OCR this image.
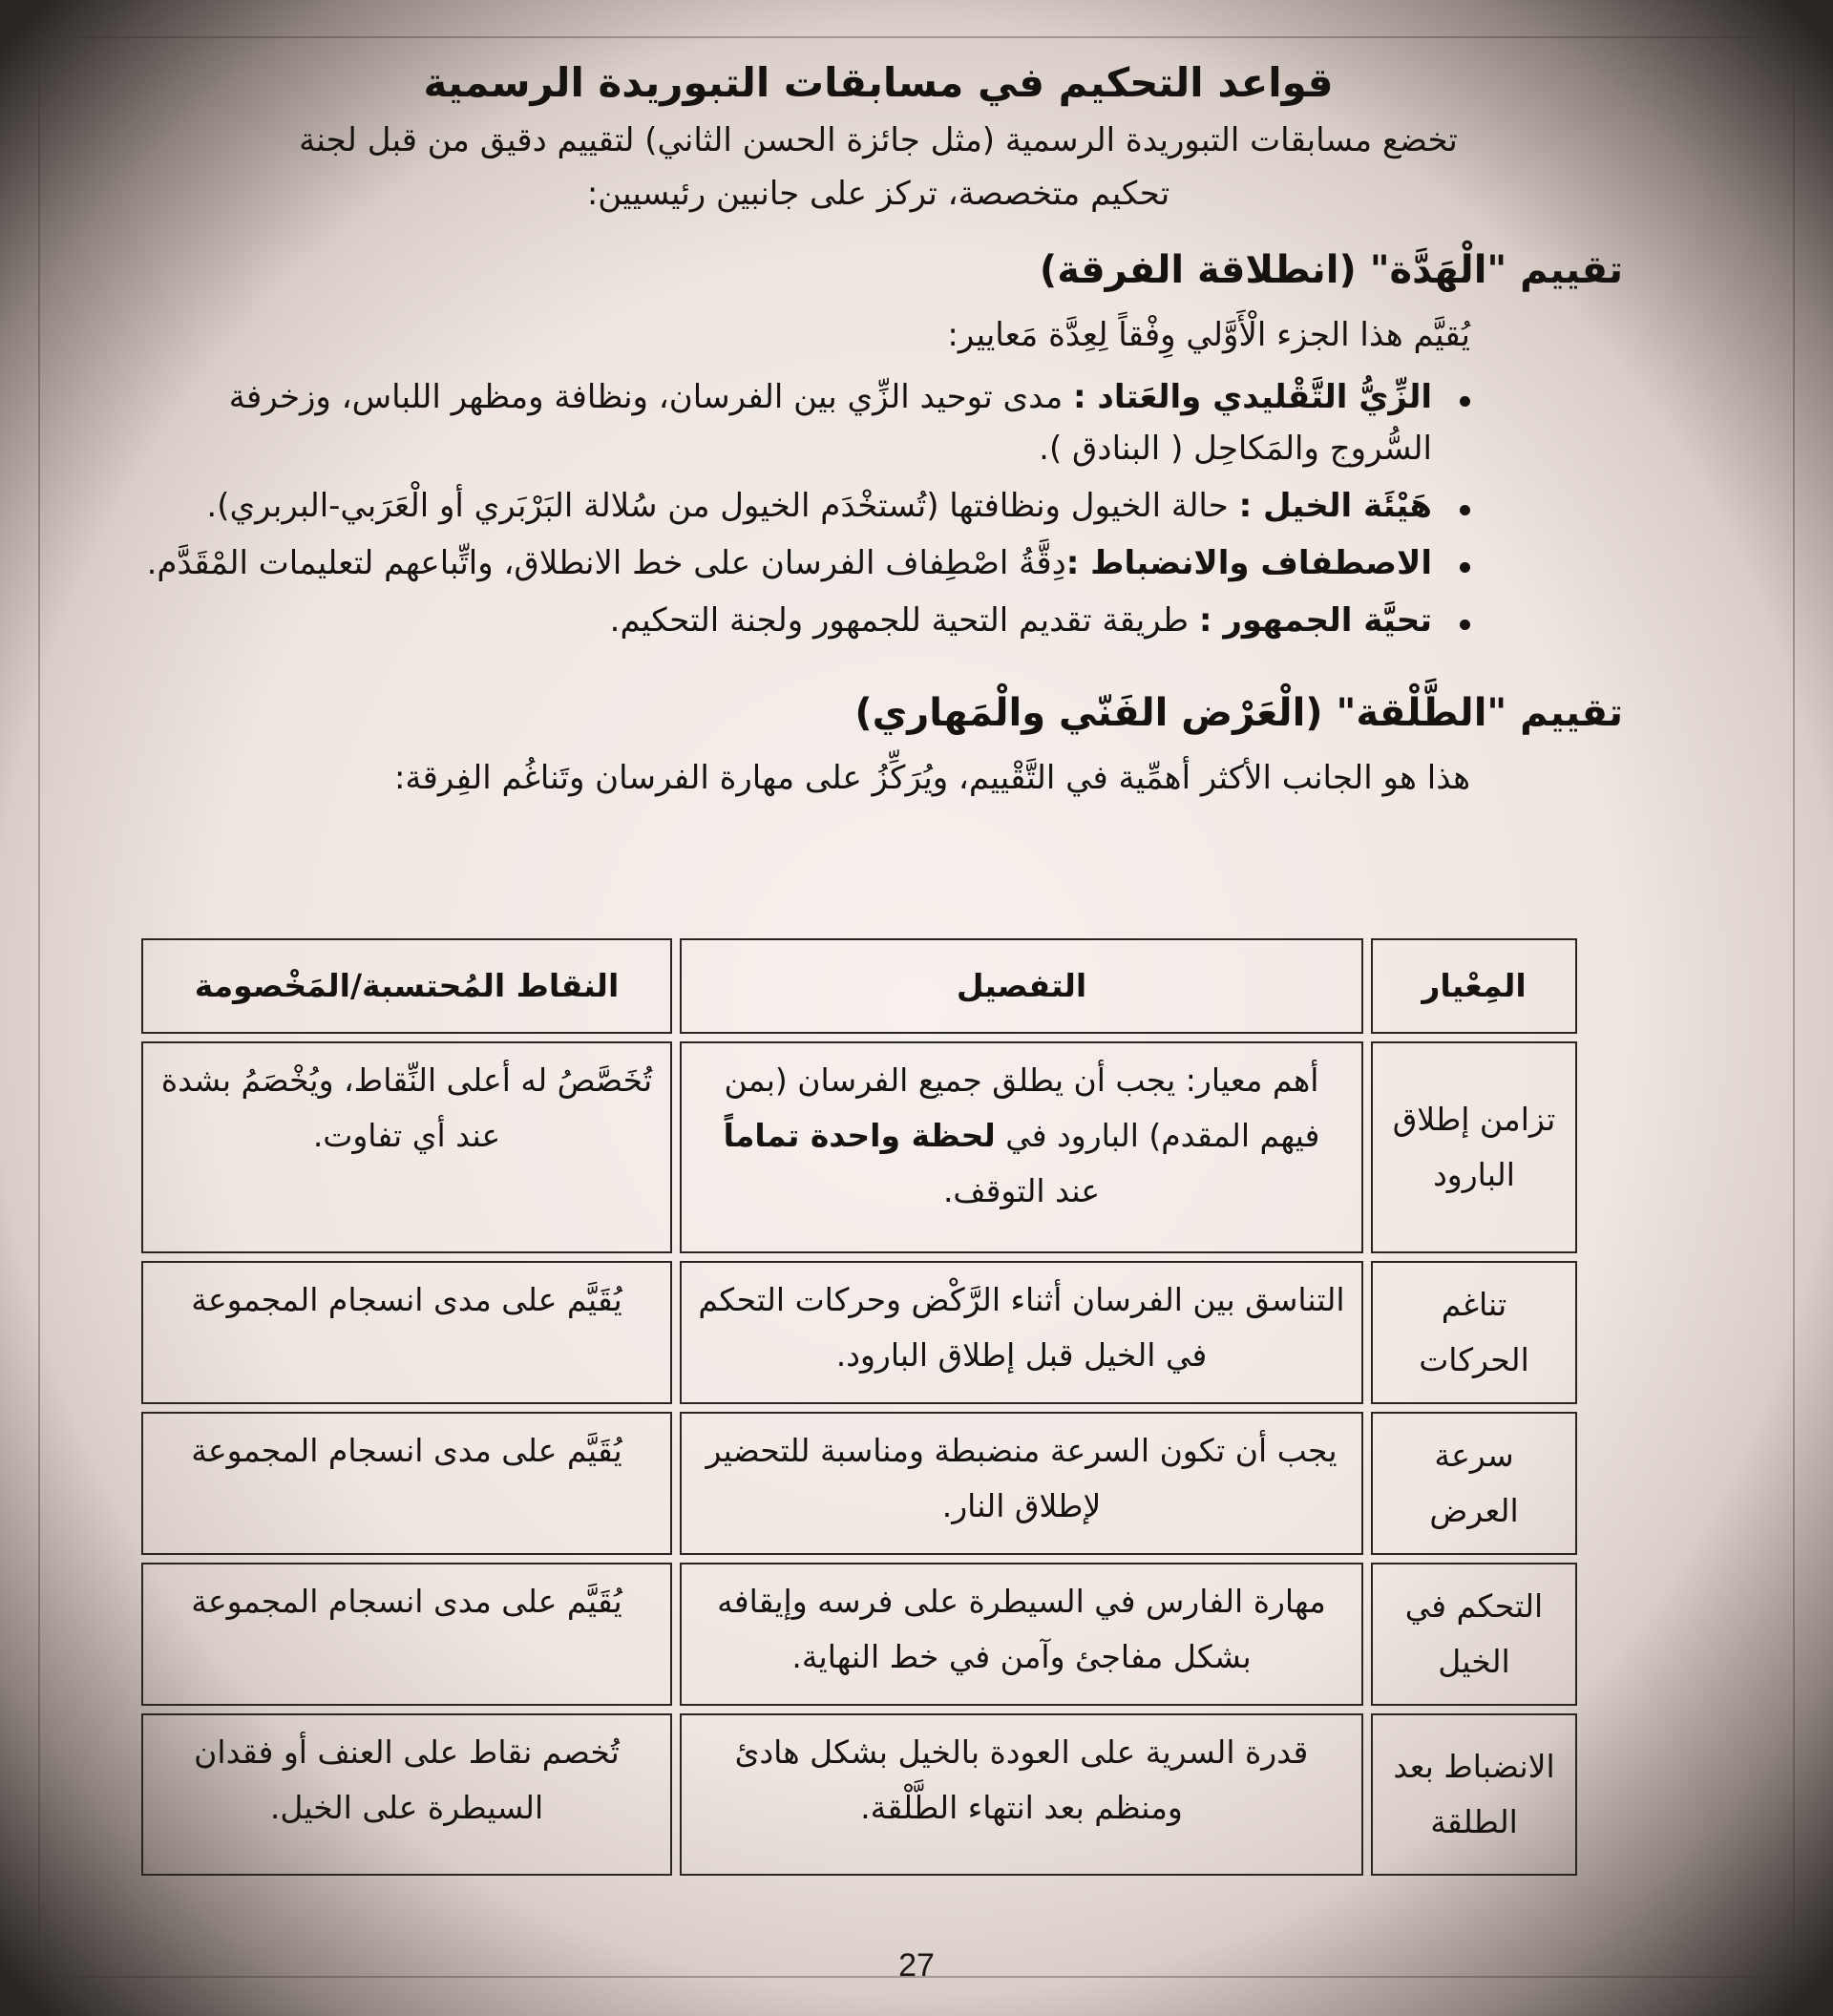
قواعد التحكيم في مسابقات التبوريدة الرسمية

تخضع مسابقات التبوريدة الرسمية (مثل جائزة الحسن الثاني) لتقييم دقيق من قبل لجنة تحكيم متخصصة، تركز على جانبين رئيسيين:

تقييم "الْهَدَّة" (انطلاقة الفرقة)

يُقيَّم هذا الجزء الْأَوَّلي وِفْقاً لِعِدَّة مَعايير:

الزِّيُّ التَّقْليدي والعَتاد : مدى توحيد الزِّي بين الفرسان، ونظافة ومظهر اللباس، وزخرفة السُّروج والمَكاحِل ( البنادق ).
هَيْئَة الخيل : حالة الخيول ونظافتها (تُستخْدَم الخيول من سُلالة البَرْبَري أو الْعَرَبي-البربري).
الاصطفاف والانضباط :دِقَّةُ اصْطِفاف الفرسان على خط الانطلاق، واتِّباعهم لتعليمات المْقَدَّم.
تحيَّة الجمهور : طريقة تقديم التحية للجمهور ولجنة التحكيم.
تقييم "الطَّلْقة" (الْعَرْض الفَنّي والْمَهاري)

هذا هو الجانب الأكثر أهمِّية في التَّقْييم، ويُرَكِّزُ على مهارة الفرسان وتَناغُم الفِرقة:

المِعْيار	التفصيل	النقاط المُحتسبة/المَخْصومة
تزامن إطلاق البارود	أهم معيار: يجب أن يطلق جميع الفرسان (بمن فيهم المقدم) البارود في لحظة واحدة تماماً عند التوقف.	تُخَصَّصُ له أعلى النِّقاط، ويُخْصَمُ بشدة عند أي تفاوت.
تناغم الحركات	التناسق بين الفرسان أثناء الرَّكْض وحركات التحكم في الخيل قبل إطلاق البارود.	يُقَيَّم على مدى انسجام المجموعة
سرعة العرض	يجب أن تكون السرعة منضبطة ومناسبة للتحضير لإطلاق النار.	يُقَيَّم على مدى انسجام المجموعة
التحكم في الخيل	مهارة الفارس في السيطرة على فرسه وإيقافه بشكل مفاجئ وآمن في خط النهاية.	يُقَيَّم على مدى انسجام المجموعة
الانضباط بعد الطلقة	قدرة السرية على العودة بالخيل بشكل هادئ ومنظم بعد انتهاء الطَّلْقة.	تُخصم نقاط على العنف أو فقدان السيطرة على الخيل.
27
